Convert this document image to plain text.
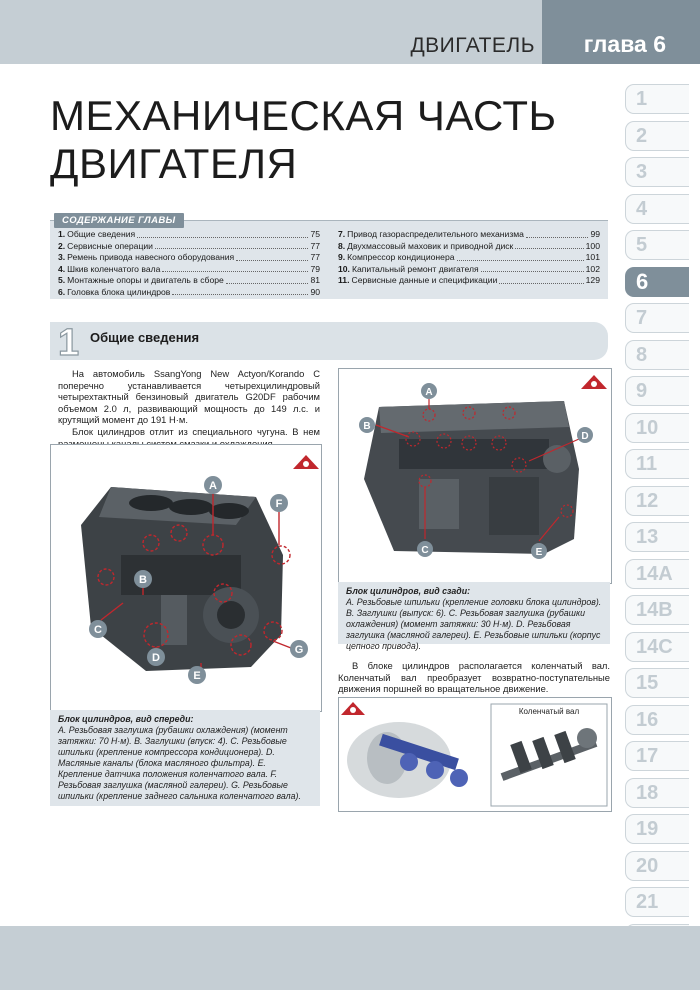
ДВИГАТЕЛЬ глава 6
МЕХАНИЧЕСКАЯ ЧАСТЬ
ДВИГАТЕЛЯ
1
2
3
4
5
6
7
8
9
10
11
12
13
14A
14B
14C
15
16
17
18
19
20
21
СОДЕРЖАНИЕ ГЛАВЫ
1. Общие сведения	75
2. Сервисные операции	77
3. Ремень привода навесного оборудования	77
4. Шкив коленчатого вала	79
5. Монтажные опоры и двигатель в сборе	81
6. Головка блока цилиндров	90
7. Привод газораспределительного механизма	99
8. Двухмассовый маховик и приводной диск	100
9. Компрессор кондиционера	101
10. Капитальный ремонт двигателя	102
11. Сервисные данные и спецификации	129
1 Общие сведения

На автомобиль SsangYong New Actyon/Korando C поперечно устанавливается четырехцилиндровый четырехтактный бензиновый двигатель G20DF рабочим объемом 2.0 л, развивающий мощность до 149 л.с. и крутящий момент до 191 Н·м.

Блок цилиндров отлит из специального чугуна. В нем

A
B
C
D
E
F
G
Блок цилиндров, вид спереди:
A. Резьбовая заглушка (рубашки охлаждения) (момент затяжки: 70 Н·м). B. Заглушки (впуск: 4). C. Резьбовые шпильки (крепление компрессора кондиционера). D. Масляные каналы (блока масляного фильтра). E. Крепление датчика положения коленчатого вала. F. Резьбовая заглушка (масляной галереи). G. Резьбовые шпильки (крепление заднего сальника коленчатого вала).
A
B
C
D
E
Блок цилиндров, вид сзади:
A. Резьбовые шпильки (крепление головки блока цилиндров). B. Заглушки (выпуск: 6). C. Резьбовая заглушка (рубашки охлаждения) (момент затяжки: 30 Н·м). D. Резьбовая заглушка (масляной галереи). E. Резьбовые шпильки (корпус цепного привода).

В блоке цилиндров располагается коленчатый вал. Коленчатый вал преобразует возвратно-поступательные движения поршней во вращательное движение.

Коленчатый вал
